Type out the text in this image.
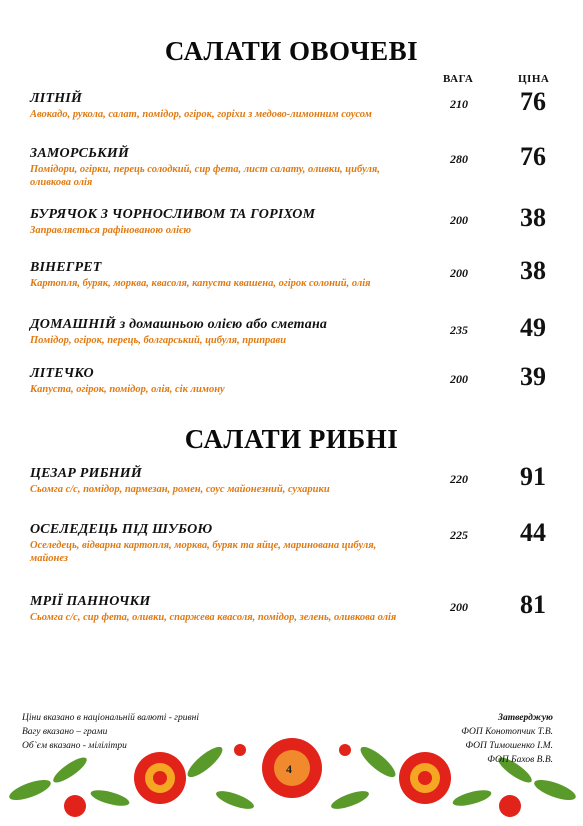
САЛАТИ ОВОЧЕВІ
ВАГА	ЦІНА
ЛІТНІЙ
Авокадо, рукола, салат, помідор, огірок, горіхи з медово-лимонним соусом
210 76
ЗАМОРСЬКИЙ
Помідори, огірки, перець солодкий, сир фета, лист салату, оливки, цибуля, оливкова олія
280 76
БУРЯЧОК З ЧОРНОСЛИВОМ ТА ГОРІХОМ
Заправляється рафінованою олією
200 38
ВІНЕГРЕТ
Картопля, буряк, морква, квасоля, капуста квашена, огірок солоний, олія
200 38
ДОМАШНІЙ з домашньою олією або сметана
Помідор, огірок, перець, болгарський, цибуля, приправи
235 49
ЛІТЕЧКО
Капуста, огірок, помідор, олія, сік лимону
200 39
САЛАТИ РИБНІ
ЦЕЗАР РИБНИЙ
Сьомга с/с, помідор, пармезан, ромен, соус майонезний, сухарики
220 91
ОСЕЛЕДЕЦЬ ПІД ШУБОЮ
Оселедець, відварна картопля, морква, буряк та яйце, маринована цибуля, майонез
225 44
МРІЇ ПАННОЧКИ
Сьомга с/с, сир фета, оливки, спаржева квасоля, помідор, зелень, оливкова олія
200 81
4
Ціни вказано в національній валюті - гривні
Вагу вказано – грами
Об`єм вказано - мілілітри
Затверджую
ФОП Конотопчик Т.В.
ФОП Тимошенко І.М.
ФОП Бахов В.В.
